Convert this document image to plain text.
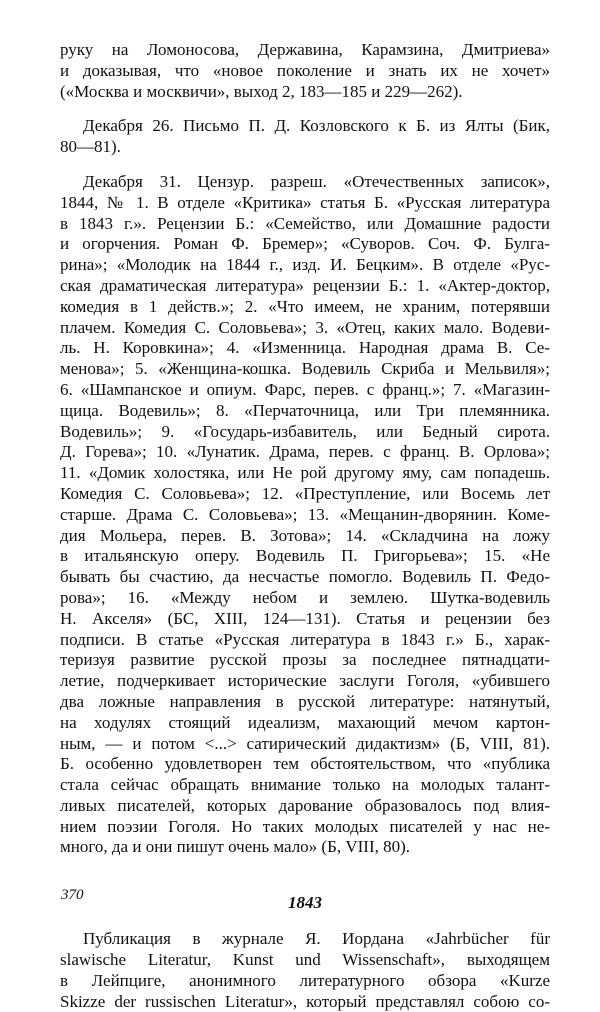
руку на Ломоносова, Державина, Карамзина, Дмитриева»
и доказывая, что «новое поколение и знать их не хочет»
(«Москва и москвичи», выход 2, 183—185 и 229—262).
Декабря 26. Письмо П. Д. Козловского к Б. из Ялты (Бик,
80—81).
Декабря 31. Цензур. разреш. «Отечественных записок»,
1844, № 1. В отделе «Критика» статья Б. «Русская литература
в 1843 г.». Рецензии Б.: «Семейство, или Домашние радости
и огорчения. Роман Ф. Бремер»; «Суворов. Соч. Ф. Булга-
рина»; «Молодик на 1844 г., изд. И. Бецким». В отделе «Рус-
ская драматическая литература» рецензии Б.: 1. «Актер-доктор,
комедия в 1 действ.»; 2. «Что имеем, не храним, потерявши
плачем. Комедия С. Соловьева»; 3. «Отец, каких мало. Водеви-
ль. Н. Коровкина»; 4. «Изменница. Народная драма В. Се-
менова»; 5. «Женщина-кошка. Водевиль Скриба и Мельвиля»;
6. «Шампанское и опиум. Фарс, перев. с франц.»; 7. «Магазин-
щица. Водевиль»; 8. «Перчаточница, или Три племянника.
Водевиль»; 9. «Государь-избавитель, или Бедный сирота.
Д. Горева»; 10. «Лунатик. Драма, перев. с франц. В. Орлова»;
11. «Домик холостяка, или Не рой другому яму, сам попадешь.
Комедия С. Соловьева»; 12. «Преступление, или Восемь лет
старше. Драма С. Соловьева»; 13. «Мещанин-дворянин. Коме-
дия Мольера, перев. В. Зотова»; 14. «Складчина на ложу
в итальянскую оперу. Водевиль П. Григорьева»; 15. «Не
бывать бы счастию, да несчастье помогло. Водевиль П. Федо-
рова»; 16. «Между небом и землею. Шутка-водевиль
Н. Акселя» (БС, XIII, 124—131). Статья и рецензии без
подписи. В статье «Русская литература в 1843 г.» Б., харак-
теризуя развитие русской прозы за последнее пятнадцати-
летие, подчеркивает исторические заслуги Гоголя, «убившего
два ложные направления в русской литературе: натянутый,
на ходулях стоящий идеализм, махающий мечом картон-
ным, — и потом <...> сатирический дидактизм» (Б, VIII, 81).
Б. особенно удовлетворен тем обстоятельством, что «публика
стала сейчас обращать внимание только на молодых талант-
ливых писателей, которых дарование образовалось под влия-
нием поэзии Гоголя. Но таких молодых писателей у нас не-
много, да и они пишут очень мало» (Б, VIII, 80).
1843
Публикация в журнале Я. Иордана «Jahrbücher für
slawische Literatur, Kunst und Wissenschaft», выходящем
в Лейпциге, анонимного литературного обзора «Kurze
Skizze der russischen Literatur», который представлял собою со-
370
